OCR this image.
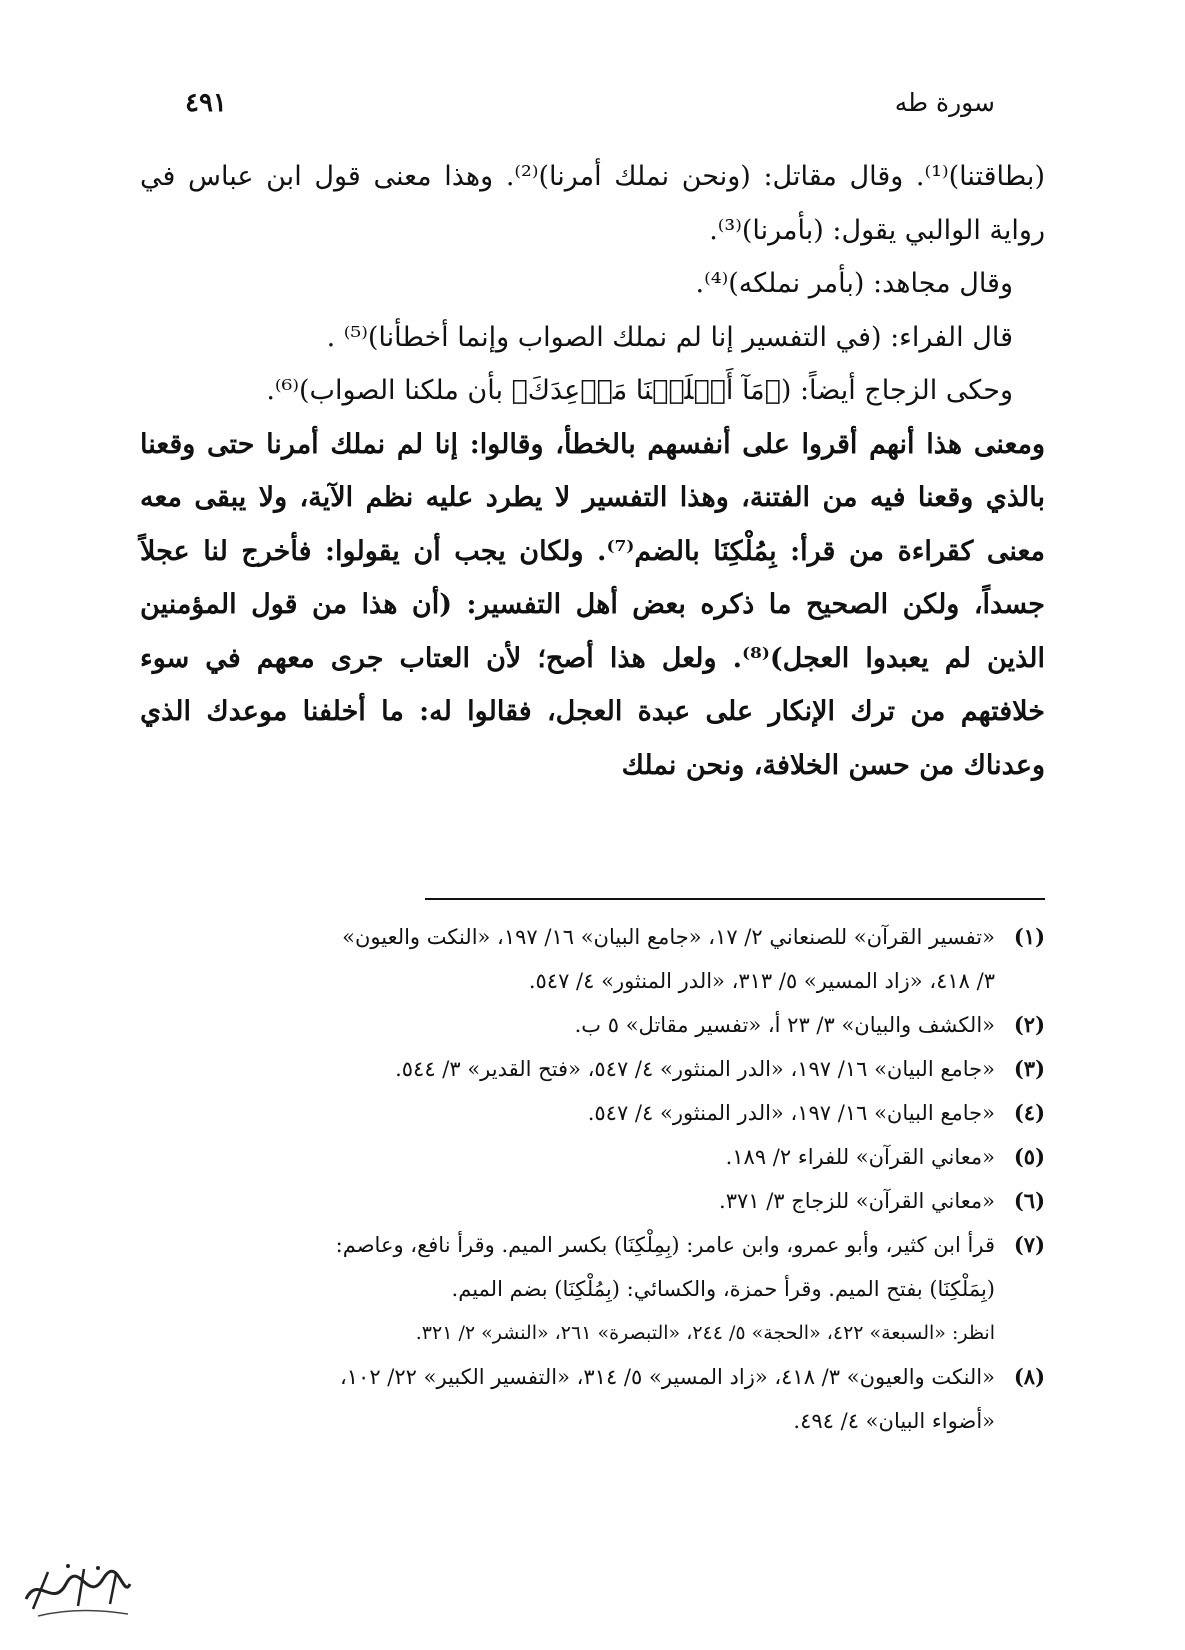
سورة طه
٤٩١

(بطاقتنا)⁽¹⁾. وقال مقاتل: (ونحن نملك أمرنا)⁽²⁾. وهذا معنى قول ابن عباس في رواية الوالبي يقول: (بأمرنا)⁽³⁾.

وقال مجاهد: (بأمر نملكه)⁽⁴⁾.

قال الفراء: (في التفسير إنا لم نملك الصواب وإنما أخطأنا)⁽⁵⁾ .

وحكى الزجاج أيضاً: (﴿مَآ أَخۡلَفۡنَا مَوۡعِدَكَ﴾ بأن ملكنا الصواب)⁽⁶⁾.

ومعنى هذا أنهم أقروا على أنفسهم بالخطأ، وقالوا: إنا لم نملك أمرنا حتى وقعنا بالذي وقعنا فيه من الفتنة، وهذا التفسير لا يطرد عليه نظم الآية، ولا يبقى معه معنى كقراءة من قرأ: بِمُلْكِنَا بالضم⁽⁷⁾. ولكان يجب أن يقولوا: فأخرج لنا عجلاً جسداً، ولكن الصحيح ما ذكره بعض أهل التفسير: (أن هذا من قول المؤمنين الذين لم يعبدوا العجل)⁽⁸⁾. ولعل هذا أصح؛ لأن العتاب جرى معهم في سوء خلافتهم من ترك الإنكار على عبدة العجل، فقالوا له: ما أخلفنا موعدك الذي وعدناك من حسن الخلافة، ونحن نملك

(١)
«تفسير القرآن» للصنعاني ٢/ ١٧، «جامع البيان» ١٦/ ١٩٧، «النكت والعيون»
٣/ ٤١٨، «زاد المسير» ٥/ ٣١٣، «الدر المنثور» ٤/ ٥٤٧.
(٢)
«الكشف والبيان» ٣/ ٢٣ أ، «تفسير مقاتل» ٥ ب.
(٣)
«جامع البيان» ١٦/ ١٩٧، «الدر المنثور» ٤/ ٥٤٧، «فتح القدير» ٣/ ٥٤٤.
(٤)
«جامع البيان» ١٦/ ١٩٧، «الدر المنثور» ٤/ ٥٤٧.
(٥)
«معاني القرآن» للفراء ٢/ ١٨٩.
(٦)
«معاني القرآن» للزجاج ٣/ ٣٧١.
(٧)
قرأ ابن كثير، وأبو عمرو، وابن عامر: (بِمِلْكِنَا) بكسر الميم. وقرأ نافع، وعاصم:
(بِمَلْكِنَا) بفتح الميم. وقرأ حمزة، والكسائي: (بِمُلْكِنَا) بضم الميم.
انظر: «السبعة» ٤٢٢، «الحجة» ٥/ ٢٤٤، «التبصرة» ٢٦١، «النشر» ٢/ ٣٢١.
(٨)
«النكت والعيون» ٣/ ٤١٨، «زاد المسير» ٥/ ٣١٤، «التفسير الكبير» ٢٢/ ١٠٢،
«أضواء البيان» ٤/ ٤٩٤.
